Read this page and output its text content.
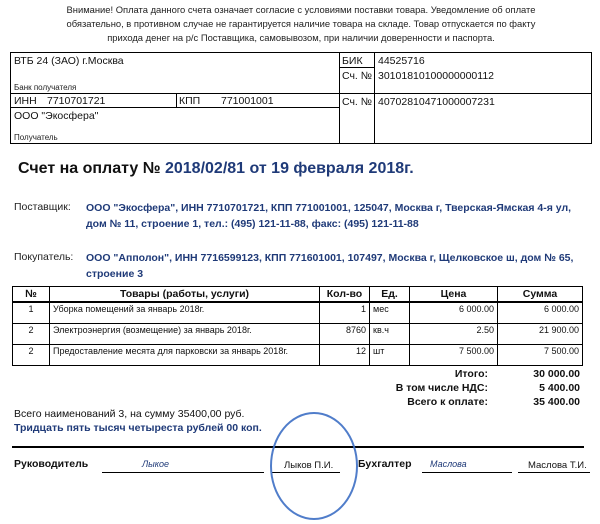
Внимание! Оплата данного счета означает согласие с условиями поставки товара. Уведомление об оплате
обязательно, в противном случае не гарантируется наличие товара на складе. Товар отпускается по факту
прихода денег на р/с Поставщика, самовывозом, при наличии доверенности и паспорта.
ВТБ 24 (ЗАО) г.Москва
Банк получателя
БИК 44525716
Сч. № 30101810100000000112
ИНН 7710701721	КПП 771001001	Сч. № 40702810471000007231
ООО "Экосфера"
Получатель
Счет на оплату № 2018/02/81 от 19 февраля 2018г.
Поставщик: ООО "Экосфера", ИНН 7710701721, КПП 771001001, 125047, Москва г, Тверская-Ямская 4-я ул,
дом № 11, строение 1, тел.: (495) 121-11-88, факс: (495) 121-11-88
Покупатель: ООО "Апполон", ИНН 7716599123, КПП 771601001, 107497, Москва г, Щелковское ш, дом № 65,
строение 3
№	Товары (работы, услуги)	Кол-во	Ед.	Цена	Сумма
1	Уборка помещений за январь 2018г.	1	мес	6 000.00	6 000.00
2	Электроэнергия (возмещение) за январь 2018г.	8760	кв.ч	2.50	21 900.00
2	Предоставление месята для парковски за январь 2018г.	12	шт	7 500.00	7 500.00
Итого:	30 000.00
В том числе НДС:	5 400.00
Всего к оплате:	35 400.00
Всего наименований 3, на сумму 35400,00 руб.
Тридцать пять тысяч четыреста рублей 00 коп.
Руководитель	Лыкое	Лыков П.И. Бухгалтер Маслова	Маслова Т.И.
